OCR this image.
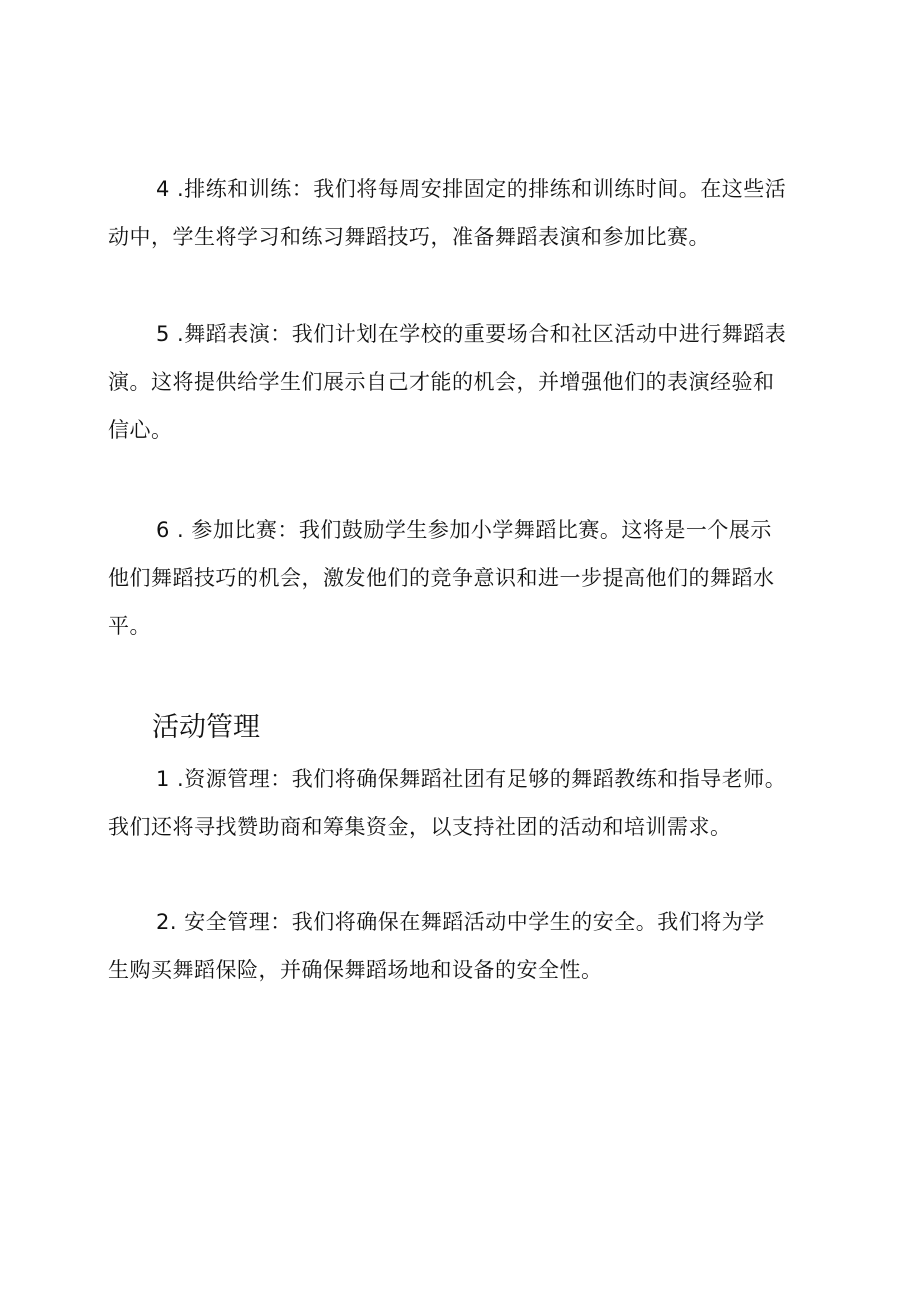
4 .排练和训练：我们将每周安排固定的排练和训练时间。在这些活
动中，学生将学习和练习舞蹈技巧，准备舞蹈表演和参加比赛。

5 .舞蹈表演：我们计划在学校的重要场合和社区活动中进行舞蹈表
演。这将提供给学生们展示自己才能的机会，并增强他们的表演经验和
信心。

6 . 参加比赛：我们鼓励学生参加小学舞蹈比赛。这将是一个展示
他们舞蹈技巧的机会，激发他们的竞争意识和进一步提高他们的舞蹈水
平。

活动管理

1 .资源管理：我们将确保舞蹈社团有足够的舞蹈教练和指导老师。
我们还将寻找赞助商和筹集资金，以支持社团的活动和培训需求。

2. 安全管理：我们将确保在舞蹈活动中学生的安全。我们将为学
生购买舞蹈保险，并确保舞蹈场地和设备的安全性。
